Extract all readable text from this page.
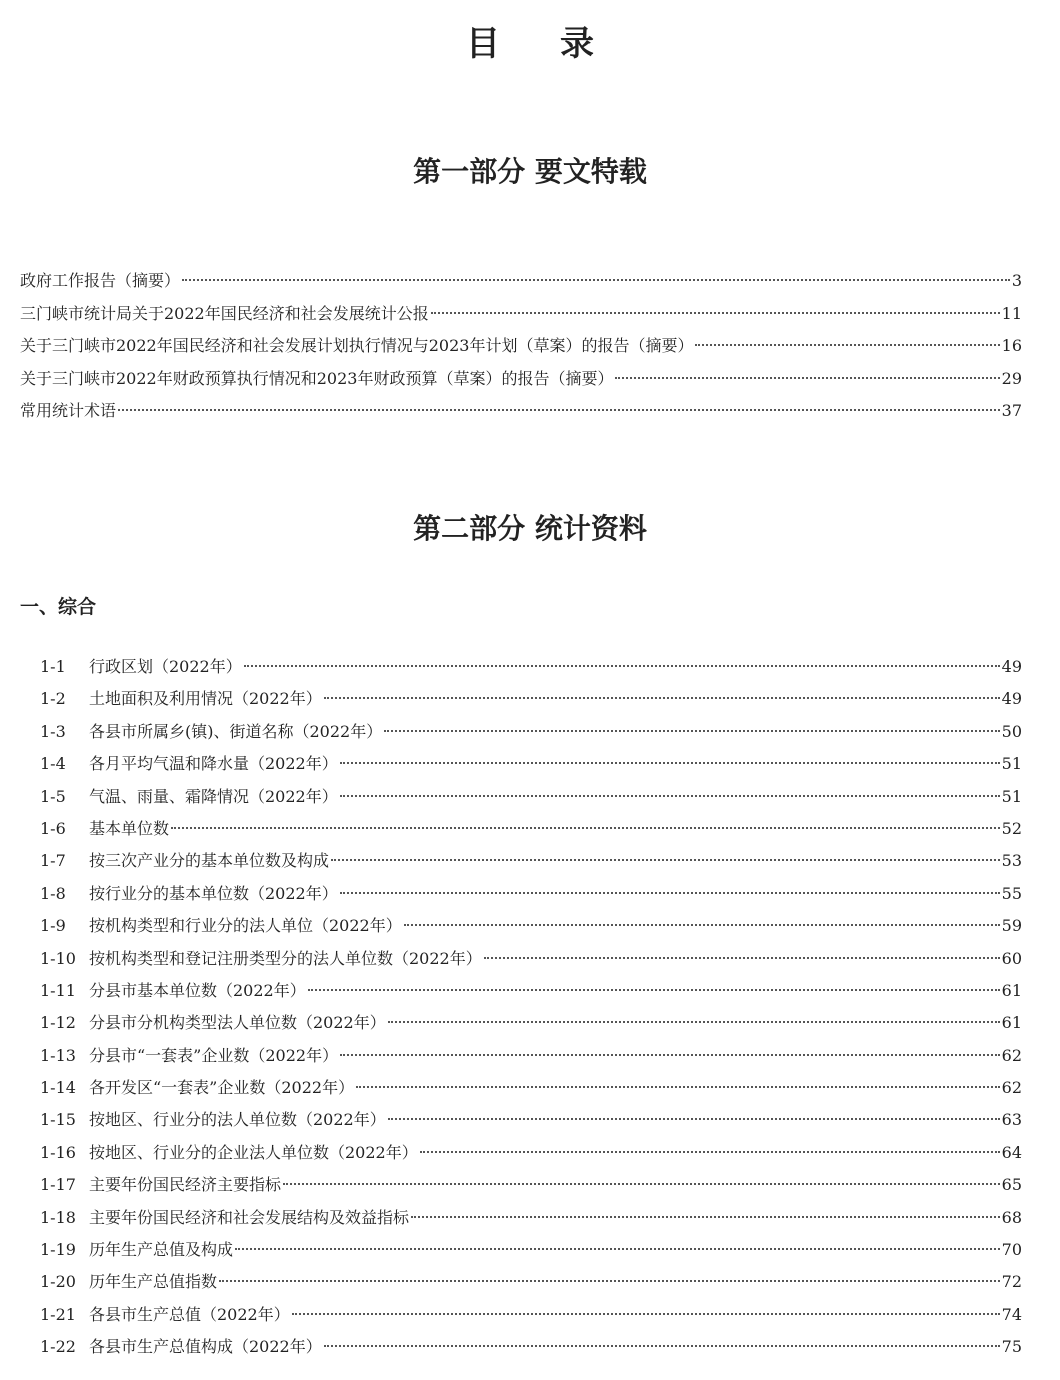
目录
第一部分 要文特载
政府工作报告（摘要）	3
三门峡市统计局关于2022年国民经济和社会发展统计公报	11
关于三门峡市2022年国民经济和社会发展计划执行情况与2023年计划（草案）的报告（摘要）	16
关于三门峡市2022年财政预算执行情况和2023年财政预算（草案）的报告（摘要）	29
常用统计术语	37
第二部分 统计资料
一、综合
1-1	行政区划（2022年）	49
1-2	土地面积及利用情况（2022年）	49
1-3	各县市所属乡(镇)、街道名称（2022年）	50
1-4	各月平均气温和降水量（2022年）	51
1-5	气温、雨量、霜降情况（2022年）	51
1-6	基本单位数	52
1-7	按三次产业分的基本单位数及构成	53
1-8	按行业分的基本单位数（2022年）	55
1-9	按机构类型和行业分的法人单位（2022年）	59
1-10 按机构类型和登记注册类型分的法人单位数（2022年）	60
1-11 分县市基本单位数（2022年）	61
1-12 分县市分机构类型法人单位数（2022年）	61
1-13 分县市“一套表”企业数（2022年）	62
1-14 各开发区“一套表”企业数（2022年）	62
1-15 按地区、行业分的法人单位数（2022年）	63
1-16 按地区、行业分的企业法人单位数（2022年）	64
1-17 主要年份国民经济主要指标	65
1-18 主要年份国民经济和社会发展结构及效益指标	68
1-19 历年生产总值及构成	70
1-20 历年生产总值指数	72
1-21 各县市生产总值（2022年）	74
1-22 各县市生产总值构成（2022年）	75
